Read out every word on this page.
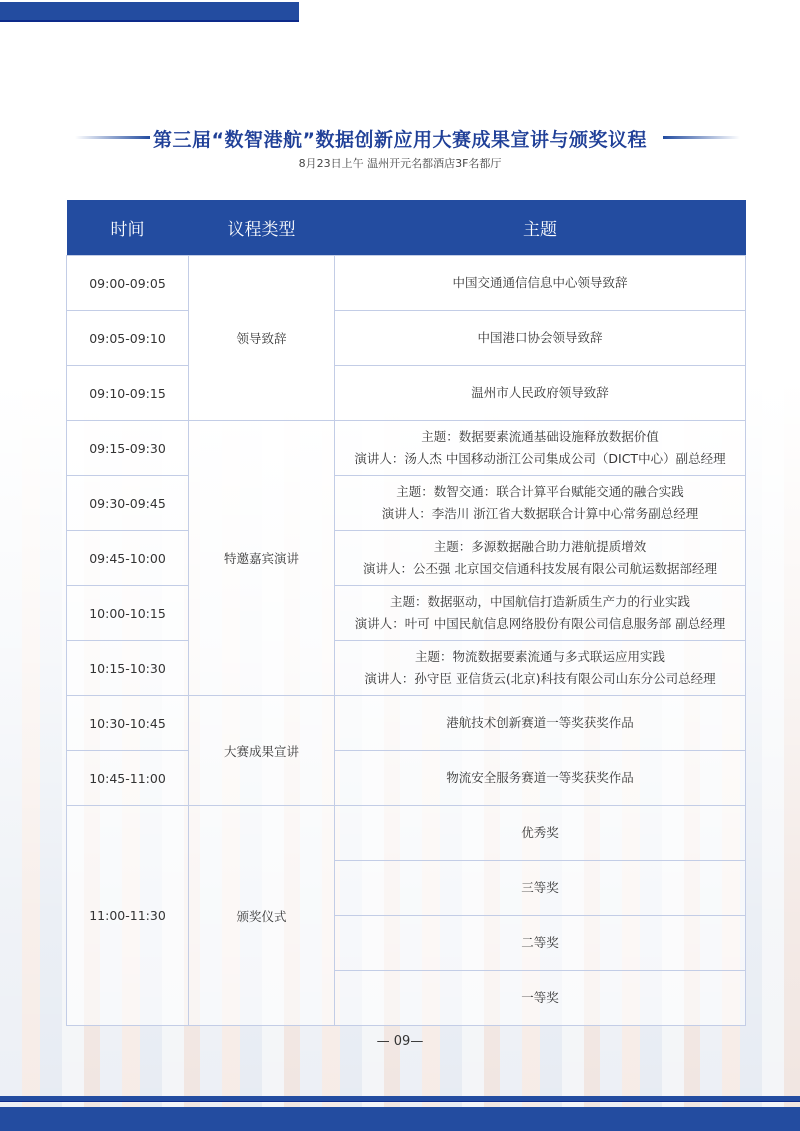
第三届“数智港航”数据创新应用大赛成果宣讲与颁奖议程
8月23日上午 温州开元名都酒店3F名都厅
时间	议程类型	主题
09:00-09:05	领导致辞	中国交通通信信息中心领导致辞
09:05-09:10		中国港口协会领导致辞
09:10-09:15		温州市人民政府领导致辞
09:15-09:30	特邀嘉宾演讲	主题：数据要素流通基础设施释放数据价值
演讲人：汤人杰 中国移动浙江公司集成公司（DICT中心）副总经理

09:30-09:45		主题：数智交通：联合计算平台赋能交通的融合实践
演讲人：李浩川 浙江省大数据联合计算中心常务副总经理

09:45-10:00		主题：多源数据融合助力港航提质增效
演讲人：公丕强 北京国交信通科技发展有限公司航运数据部经理

10:00-10:15		主题：数据驱动，中国航信打造新质生产力的行业实践
演讲人：叶可 中国民航信息网络股份有限公司信息服务部 副总经理

10:15-10:30		主题：物流数据要素流通与多式联运应用实践
演讲人：孙守臣 亚信货云(北京)科技有限公司山东分公司总经理

10:30-10:45	大赛成果宣讲	港航技术创新赛道一等奖获奖作品
10:45-11:00		物流安全服务赛道一等奖获奖作品
11:00-11:30	颁奖仪式	优秀奖
		三等奖
		二等奖
		一等奖
— 09—
